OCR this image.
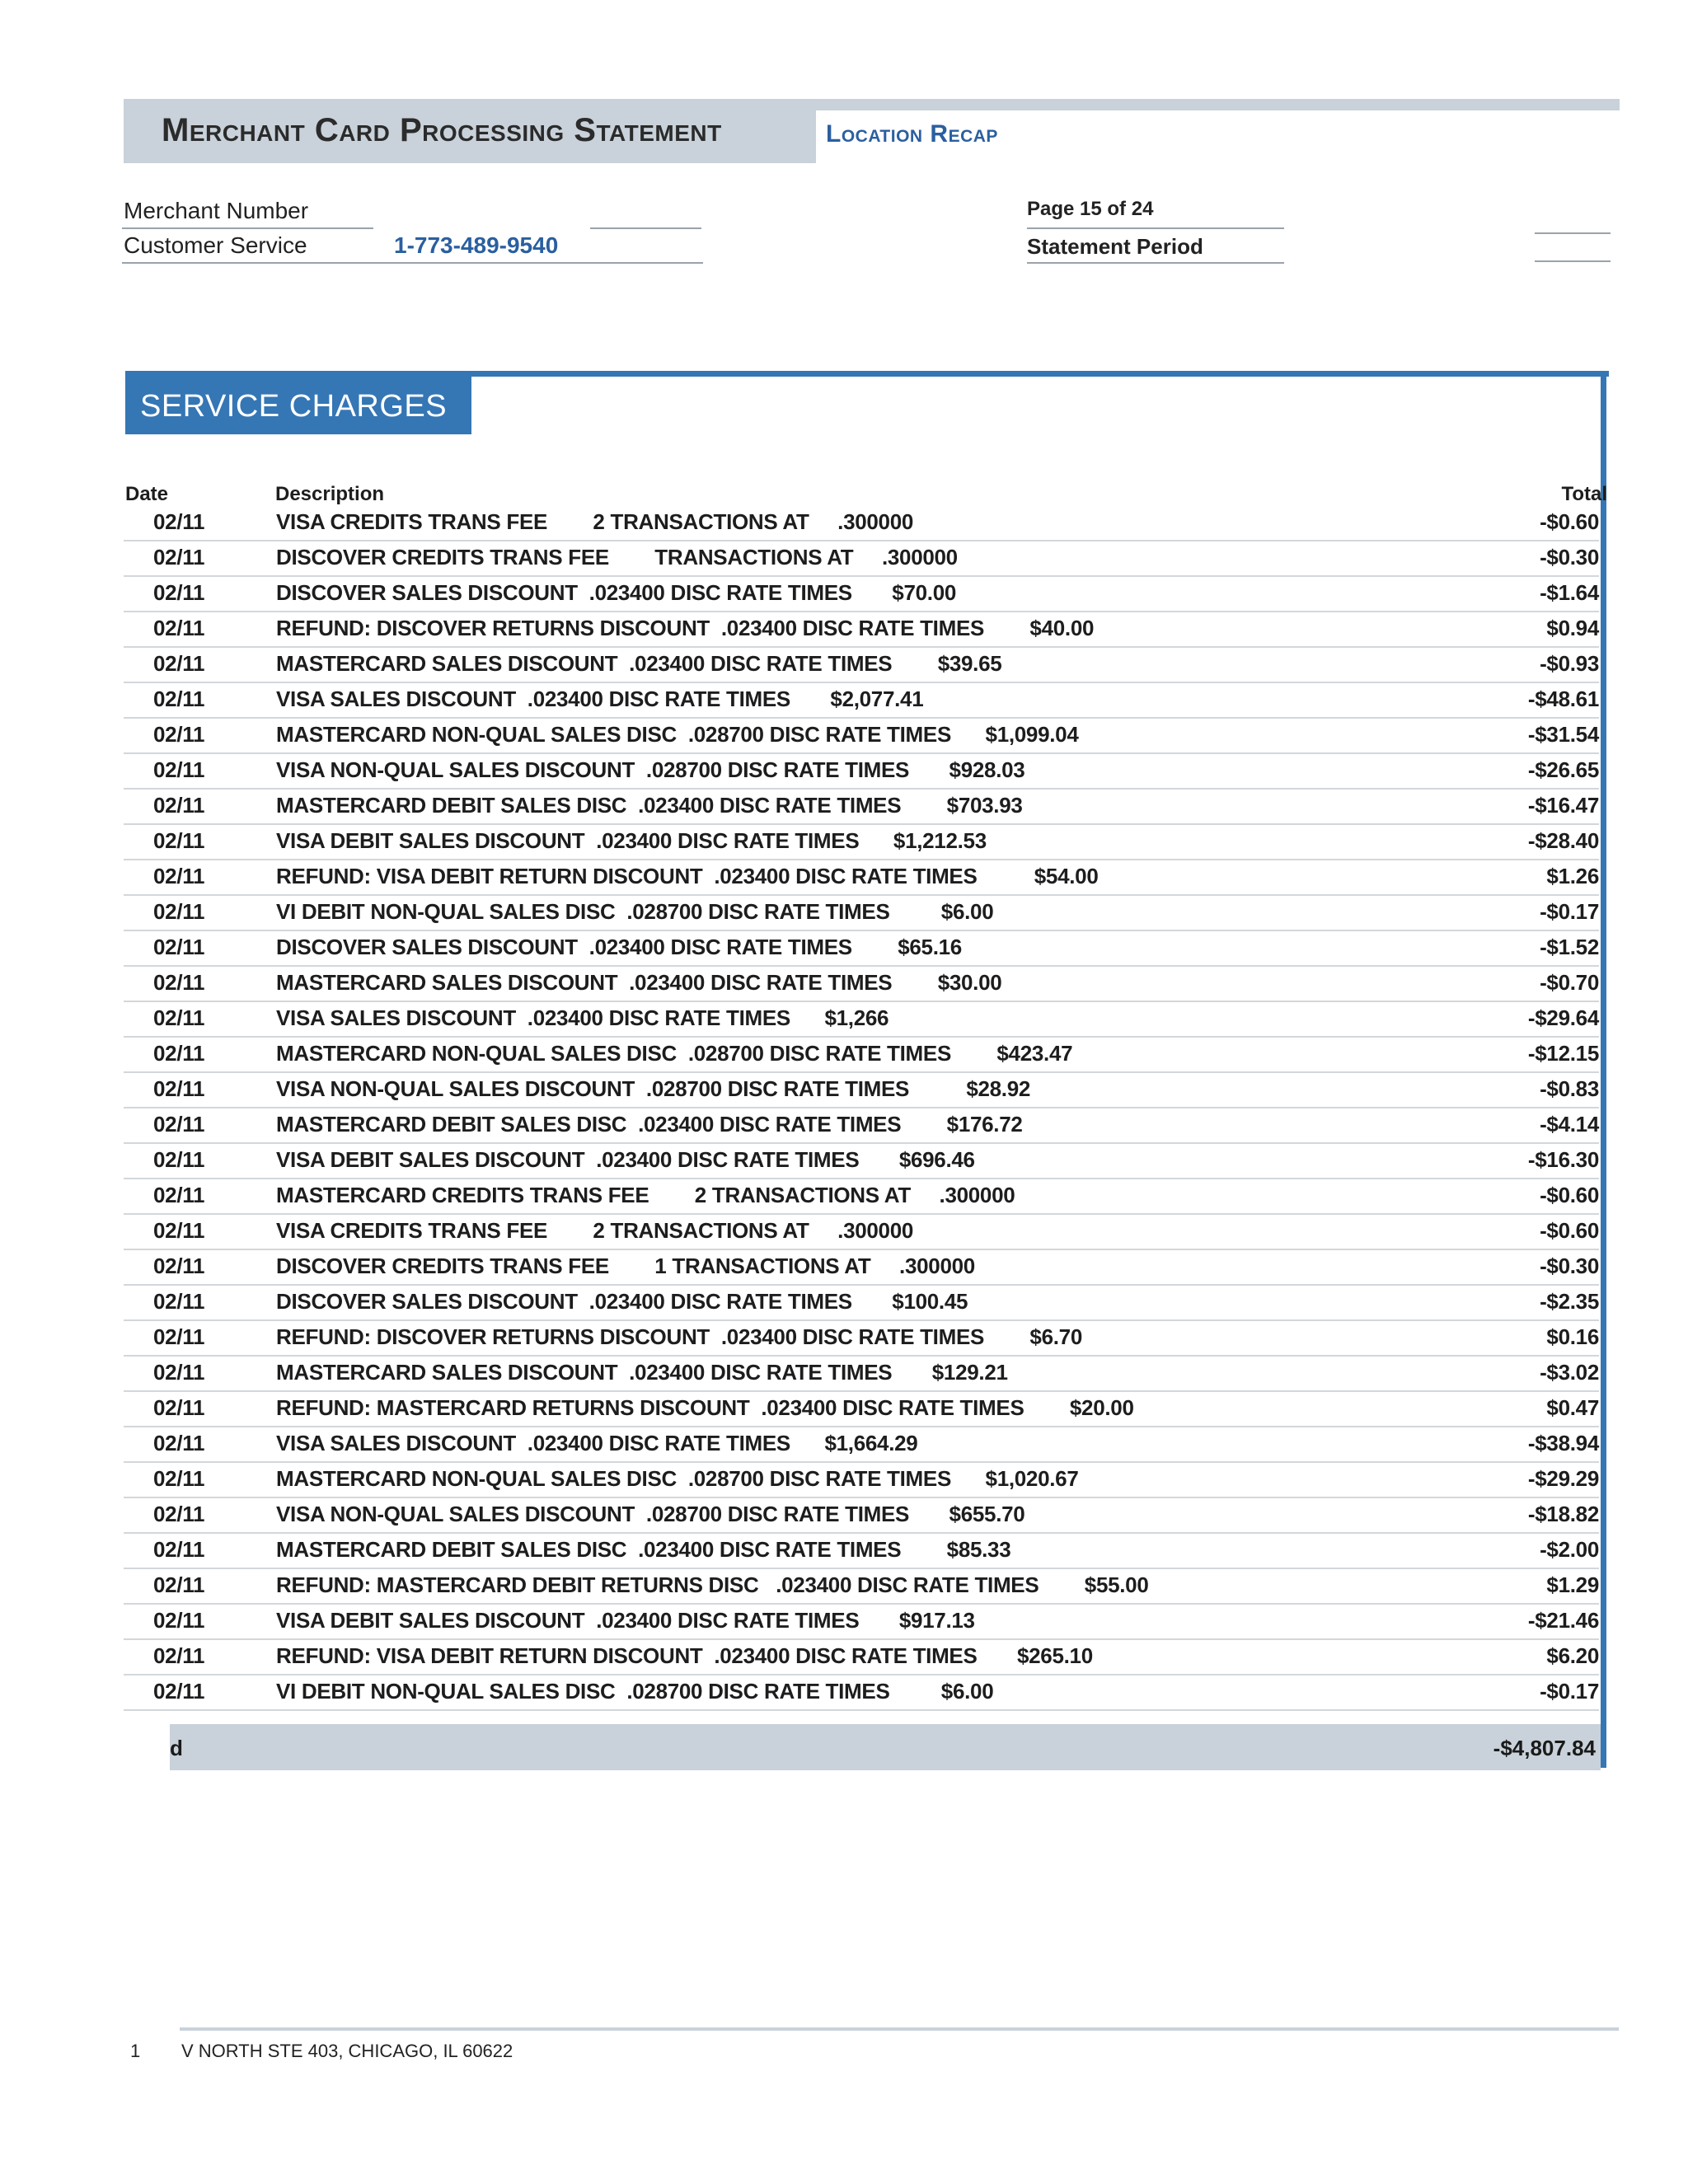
Merchant Card Processing Statement	Location Recap
Merchant Number
Customer Service	1-773-489-9540
Page 15 of 24
Statement Period
SERVICE CHARGES
Date	Description	Total
02/11	VISA CREDITS TRANS FEE        2 TRANSACTIONS AT     .300000	-$0.60
02/11	DISCOVER CREDITS TRANS FEE        TRANSACTIONS AT     .300000	-$0.30
02/11	DISCOVER SALES DISCOUNT  .023400 DISC RATE TIMES       $70.00	-$1.64
02/11	REFUND: DISCOVER RETURNS DISCOUNT  .023400 DISC RATE TIMES        $40.00	$0.94
02/11	MASTERCARD SALES DISCOUNT  .023400 DISC RATE TIMES        $39.65	-$0.93
02/11	VISA SALES DISCOUNT  .023400 DISC RATE TIMES       $2,077.41	-$48.61
02/11	MASTERCARD NON-QUAL SALES DISC  .028700 DISC RATE TIMES      $1,099.04	-$31.54
02/11	VISA NON-QUAL SALES DISCOUNT  .028700 DISC RATE TIMES       $928.03	-$26.65
02/11	MASTERCARD DEBIT SALES DISC  .023400 DISC RATE TIMES        $703.93	-$16.47
02/11	VISA DEBIT SALES DISCOUNT  .023400 DISC RATE TIMES      $1,212.53	-$28.40
02/11	REFUND: VISA DEBIT RETURN DISCOUNT  .023400 DISC RATE TIMES          $54.00	$1.26
02/11	VI DEBIT NON-QUAL SALES DISC  .028700 DISC RATE TIMES         $6.00	-$0.17
02/11	DISCOVER SALES DISCOUNT  .023400 DISC RATE TIMES        $65.16	-$1.52
02/11	MASTERCARD SALES DISCOUNT  .023400 DISC RATE TIMES        $30.00	-$0.70
02/11	VISA SALES DISCOUNT  .023400 DISC RATE TIMES      $1,266	-$29.64
02/11	MASTERCARD NON-QUAL SALES DISC  .028700 DISC RATE TIMES        $423.47	-$12.15
02/11	VISA NON-QUAL SALES DISCOUNT  .028700 DISC RATE TIMES          $28.92	-$0.83
02/11	MASTERCARD DEBIT SALES DISC  .023400 DISC RATE TIMES        $176.72	-$4.14
02/11	VISA DEBIT SALES DISCOUNT  .023400 DISC RATE TIMES       $696.46	-$16.30
02/11	MASTERCARD CREDITS TRANS FEE        2 TRANSACTIONS AT     .300000	-$0.60
02/11	VISA CREDITS TRANS FEE        2 TRANSACTIONS AT     .300000	-$0.60
02/11	DISCOVER CREDITS TRANS FEE        1 TRANSACTIONS AT     .300000	-$0.30
02/11	DISCOVER SALES DISCOUNT  .023400 DISC RATE TIMES       $100.45	-$2.35
02/11	REFUND: DISCOVER RETURNS DISCOUNT  .023400 DISC RATE TIMES        $6.70	$0.16
02/11	MASTERCARD SALES DISCOUNT  .023400 DISC RATE TIMES       $129.21	-$3.02
02/11	REFUND: MASTERCARD RETURNS DISCOUNT  .023400 DISC RATE TIMES        $20.00	$0.47
02/11	VISA SALES DISCOUNT  .023400 DISC RATE TIMES      $1,664.29	-$38.94
02/11	MASTERCARD NON-QUAL SALES DISC  .028700 DISC RATE TIMES      $1,020.67	-$29.29
02/11	VISA NON-QUAL SALES DISCOUNT  .028700 DISC RATE TIMES       $655.70	-$18.82
02/11	MASTERCARD DEBIT SALES DISC  .023400 DISC RATE TIMES        $85.33	-$2.00
02/11	REFUND: MASTERCARD DEBIT RETURNS DISC   .023400 DISC RATE TIMES        $55.00	$1.29
02/11	VISA DEBIT SALES DISCOUNT  .023400 DISC RATE TIMES       $917.13	-$21.46
02/11	REFUND: VISA DEBIT RETURN DISCOUNT  .023400 DISC RATE TIMES       $265.10	$6.20
02/11	VI DEBIT NON-QUAL SALES DISC  .028700 DISC RATE TIMES         $6.00	-$0.17
d	-$4,807.84
1 V NORTH STE 403, CHICAGO, IL 60622
